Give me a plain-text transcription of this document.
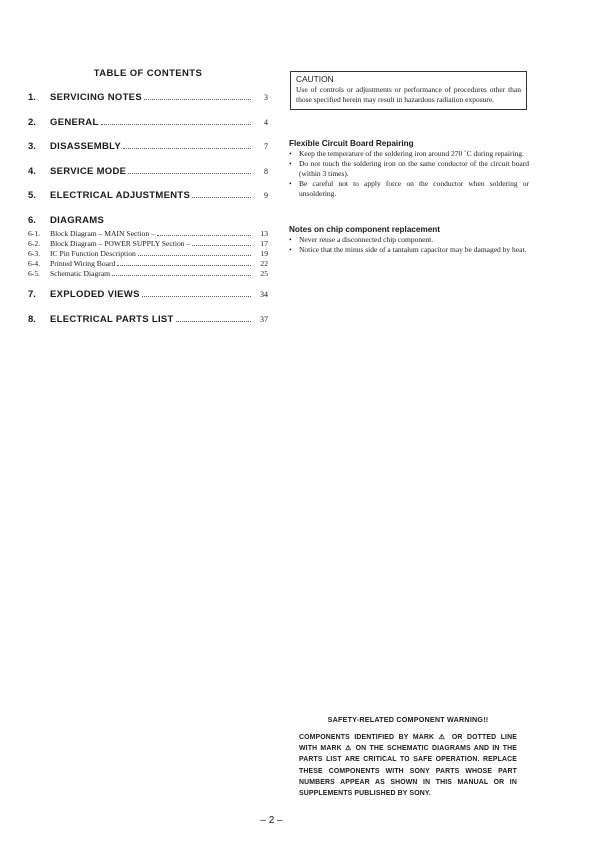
TABLE OF CONTENTS
1.	SERVICING NOTES	3
2.	GENERAL	4
3.	DISASSEMBLY	7
4.	SERVICE MODE	8
5.	ELECTRICAL ADJUSTMENTS	9
6.	DIAGRAMS
6-1.	Block Diagram – MAIN Section –	13
6-2.	Block Diagram – POWER SUPPLY Section –	17
6-3.	IC Pin Function Description	19
6-4.	Printed Wiring Board	22
6-5.	Schematic Diagram	25
7.	EXPLODED VIEWS	34
8.	ELECTRICAL PARTS LIST	37
CAUTION
Use of controls or adjustments or performance of procedures other than those specified herein may result in hazardous radiation exposure.
Flexible Circuit Board Repairing
• Keep the temperature of the soldering iron around 270 ˚C during repairing.
• Do not touch the soldering iron on the same conductor of the circuit board (within 3 times).
• Be careful not to apply force on the conductor when soldering or unsoldering.
Notes on chip component replacement
• Never reuse a disconnected chip component.
• Notice that the minus side of a tantalum capacitor may be damaged by heat.
SAFETY-RELATED COMPONENT WARNING!!
COMPONENTS IDENTIFIED BY MARK ⚠ OR DOTTED LINE WITH MARK ⚠ ON THE SCHEMATIC DIAGRAMS AND IN THE PARTS LIST ARE CRITICAL TO SAFE OPERATION. REPLACE THESE COMPONENTS WITH SONY PARTS WHOSE PART NUMBERS APPEAR AS SHOWN IN THIS MANUAL OR IN SUPPLEMENTS PUBLISHED BY SONY.
– 2 –
